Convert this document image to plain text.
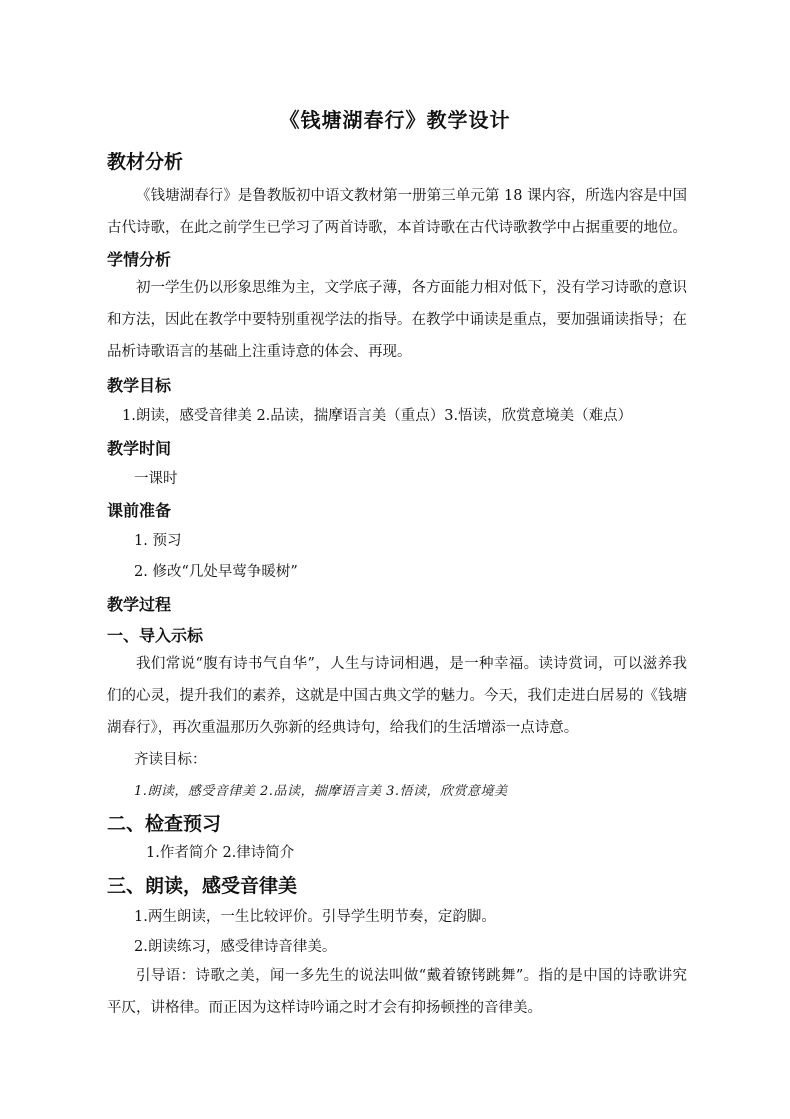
《钱塘湖春行》教学设计
教材分析
《钱塘湖春行》是鲁教版初中语文教材第一册第三单元第 18 课内容，所选内容是中国古代诗歌，在此之前学生已学习了两首诗歌，本首诗歌在古代诗歌教学中占据重要的地位。
学情分析
初一学生仍以形象思维为主，文学底子薄，各方面能力相对低下，没有学习诗歌的意识和方法，因此在教学中要特别重视学法的指导。在教学中诵读是重点，要加强诵读指导；在品析诗歌语言的基础上注重诗意的体会、再现。
教学目标
1.朗读，感受音律美 2.品读，揣摩语言美（重点）3.悟读，欣赏意境美（难点）
教学时间
一课时
课前准备
1. 预习
2. 修改“几处早莺争暖树”
教学过程
一、导入示标
我们常说“腹有诗书气自华”，人生与诗词相遇，是一种幸福。读诗赏词，可以滋养我们的心灵，提升我们的素养，这就是中国古典文学的魅力。今天，我们走进白居易的《钱塘湖春行》，再次重温那历久弥新的经典诗句，给我们的生活增添一点诗意。
齐读目标：
1.朗读，感受音律美 2.品读，揣摩语言美 3.悟读，欣赏意境美
二、检查预习
1.作者简介 2.律诗简介
三、朗读，感受音律美
1.两生朗读，一生比较评价。引导学生明节奏，定韵脚。
2.朗读练习，感受律诗音律美。
引导语：诗歌之美，闻一多先生的说法叫做“戴着镣铐跳舞”。指的是中国的诗歌讲究平仄，讲格律。而正因为这样诗吟诵之时才会有抑扬顿挫的音律美。
